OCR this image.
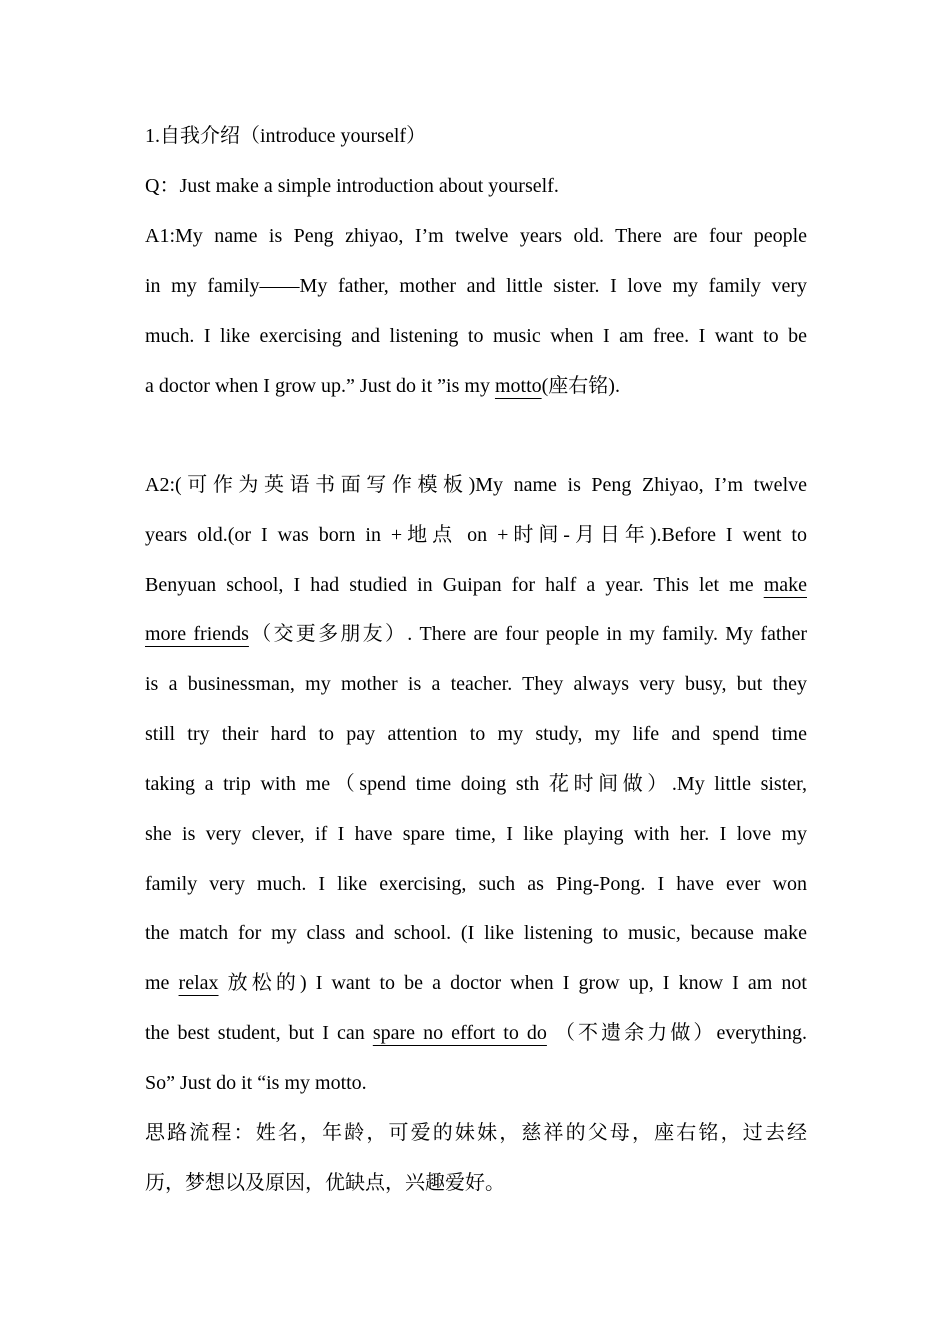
1.自我介绍（introduce yourself）
Q：Just make a simple introduction about yourself.
A1:My name is Peng zhiyao, I’m twelve years old. There are four people
in my family——My father, mother and little sister. I love my family very
much. I like exercising and listening to music when I am free. I want to be
a doctor when I grow up.” Just do it ”is my motto(座右铭).
A2:(可作为英语书面写作模板)My name is Peng Zhiyao, I’m twelve
years old.(or I was born in +地点 on +时间-月日年).Before I went to
Benyuan school, I had studied in Guipan for half a year. This let me make
more friends（交更多朋友）. There are four people in my family. My father
is a businessman, my mother is a teacher. They always very busy, but they
still try their hard to pay attention to my study, my life and spend time
taking a trip with me（spend time doing sth 花时间做）.My little sister,
she is very clever, if I have spare time, I like playing with her. I love my
family very much. I like exercising, such as Ping-Pong. I have ever won
the match for my class and school. (I like listening to music, because make
me relax 放松的) I want to be a doctor when I grow up, I know I am not
the best student, but I can spare no effort to do （不遗余力做）everything.
So” Just do it “is my motto.
思路流程：姓名，年龄，可爱的妹妹，慈祥的父母，座右铭，过去经
历，梦想以及原因，优缺点，兴趣爱好。
